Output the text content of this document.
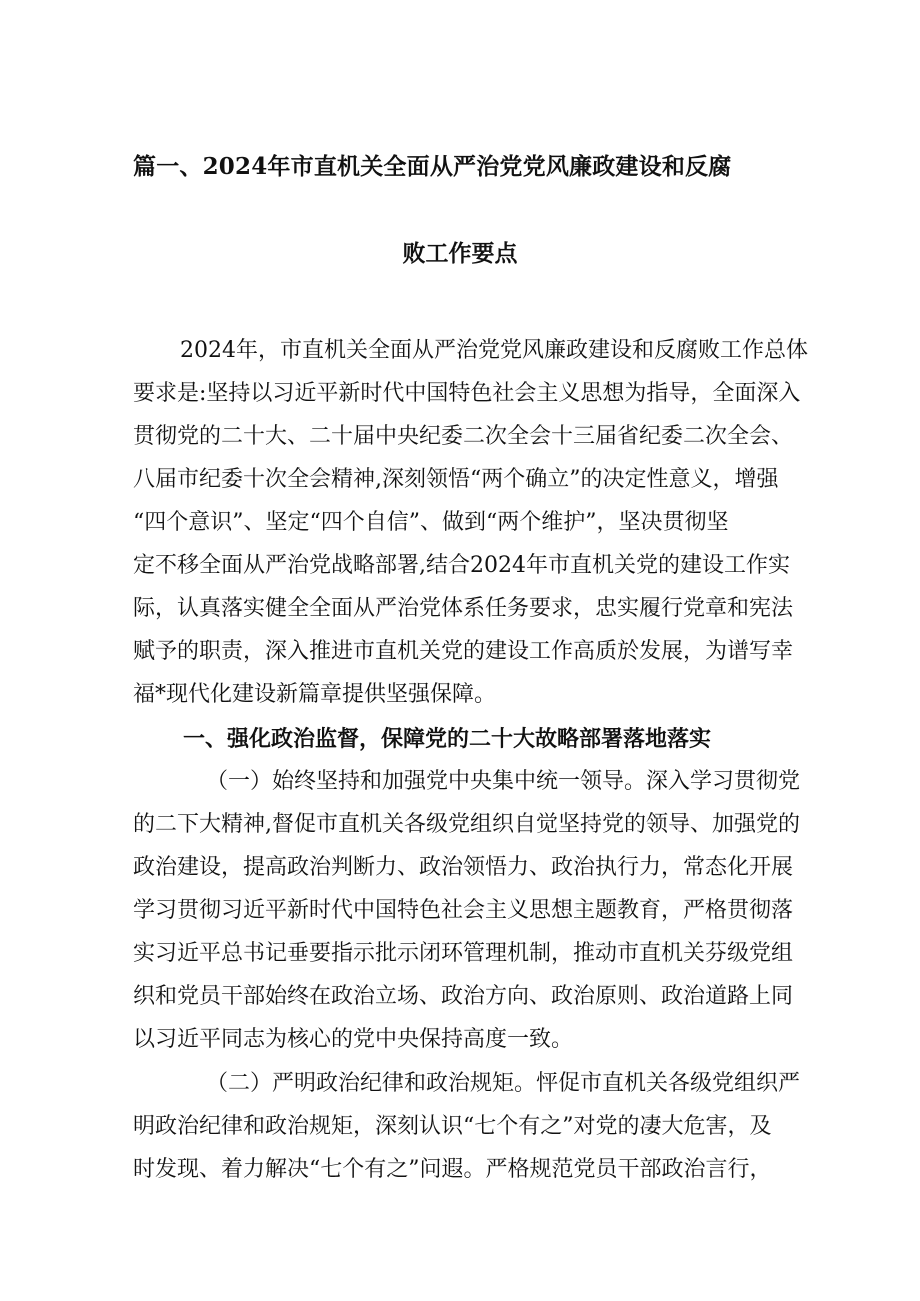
篇一、2024年市直机关全面从严治党党风廉政建设和反腐
败工作要点
2024年，市直机关全面从严治党党风廉政建设和反腐败工作总体
要求是:坚持以习近平新时代中国特色社会主义思想为指导，全面深入
贯彻党的二十大、二十届中央纪委二次全会十三届省纪委二次全会、
八届市纪委十次全会精神,深刻领悟“两个确立”的决定性意义，增强
“四个意识”、坚定“四个自信”、做到“两个维护”，坚决贯彻坚
定不移全面从严治党战略部署,结合2024年市直机关党的建设工作实
际，认真落实健全全面从严治党体系任务要求，忠实履行党章和宪法
赋予的职责，深入推进市直机关党的建设工作高质於发展，为谱写幸
福*现代化建设新篇章提供坚强保障。
一、强化政治监督，保障党的二十大故略部署落地落实
（一）始终坚持和加强党中央集中统一领导。深入学习贯彻党
的二下大精神,督促市直机关各级党组织自觉坚持党的领导、加强党的
政治建设，提高政治判断力、政治领悟力、政治执行力，常态化开展
学习贯彻习近平新时代中国特色社会主义思想主题教育，严格贯彻落
实习近平总书记垂要指示批示闭环管理机制，推动市直机关芬级党组
织和党员干部始终在政治立场、政治方向、政治原则、政治道路上同
以习近平同志为核心的党中央保持高度一致。
（二）严明政治纪律和政治规矩。怦促市直机关各级党组织严
明政治纪律和政治规矩，深刻认识“七个有之”对党的凄大危害，及
时发现、着力解决“七个有之”问遐。严格规范党员干部政治言行，
